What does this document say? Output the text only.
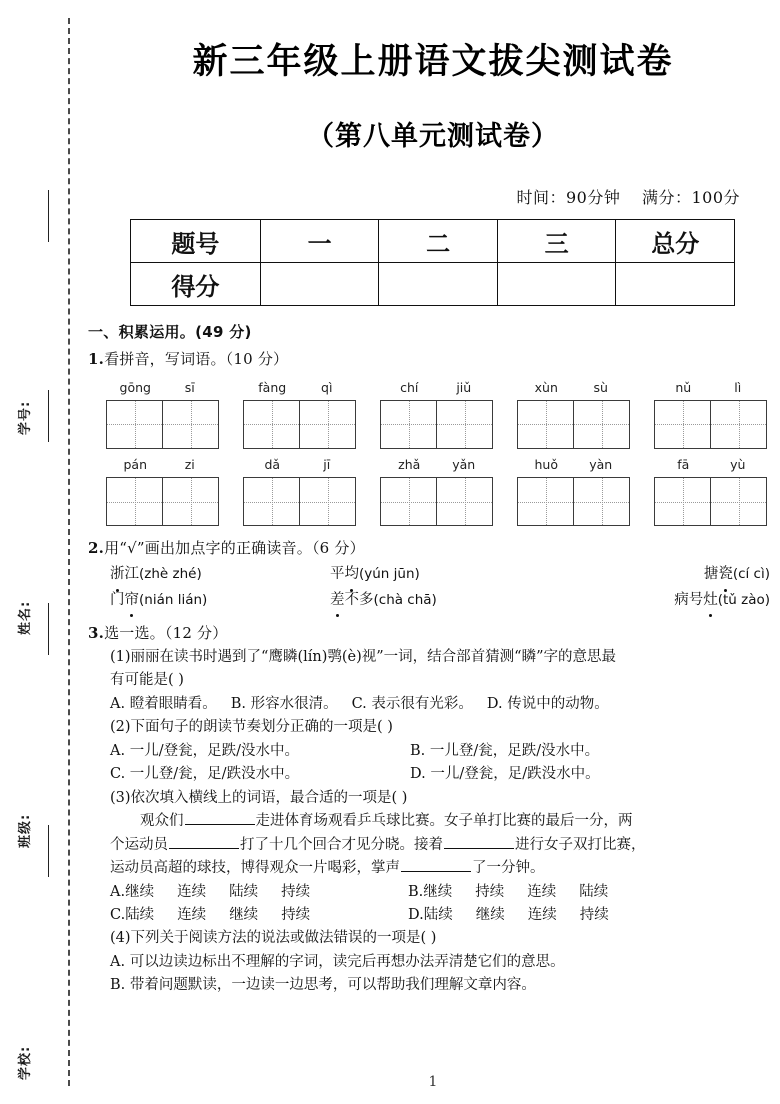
学号:
姓名:
班级:
学校:
新三年级上册语文拔尖测试卷
（第八单元测试卷）
时间：90分钟 满分：100分
题号	一	二	三	总分
得分				

一、积累运用。(49 分)

1.看拼音，写词语。（10 分）

gōng	sī	fàng	qì	chí	jiǔ	xùn	sù	nǔ	lì
pán	zi	dǎ	jī	zhǎ	yǎn	huǒ	yàn	fā	yù

2.用“√”画出加点字的正确读音。（6 分）

浙江(zhè zhé)	平均(yún jūn)	搪瓷(cí cì)
门帘(nián lián)	差不多(chà chā)	病号灶(tǔ zào)

3.选一选。（12 分）

(1)丽丽在读书时遇到了“鹰瞵(lín)鹗(è)视”一词，结合部首猜测“瞵”字的意思最
有可能是( )
A. 瞪着眼睛看。 B. 形容水很清。 C. 表示很有光彩。 D. 传说中的动物。
(2)下面句子的朗读节奏划分正确的一项是( )
A. 一儿/登瓮，足跌/没水中。	B. 一儿登/瓮，足跌/没水中。
C. 一儿登/瓮，足/跌没水中。	D. 一儿/登瓮，足/跌没水中。
(3)依次填入横线上的词语，最合适的一项是( )
观众们	走进体育场观看乒乓球比赛。女子单打比赛的最后一分，两
个运动员	打了十几个回合才见分晓。接着	进行女子双打比赛，
运动员高超的球技，博得观众一片喝彩，掌声	了一分钟。
A.继续 连续 陆续 持续	B.继续 持续 连续 陆续
C.陆续 连续 继续 持续	D.陆续 继续 连续 持续
(4)下列关于阅读方法的说法或做法错误的一项是( )
A. 可以边读边标出不理解的字词，读完后再想办法弄清楚它们的意思。
B. 带着问题默读，一边读一边思考，可以帮助我们理解文章内容。
1
